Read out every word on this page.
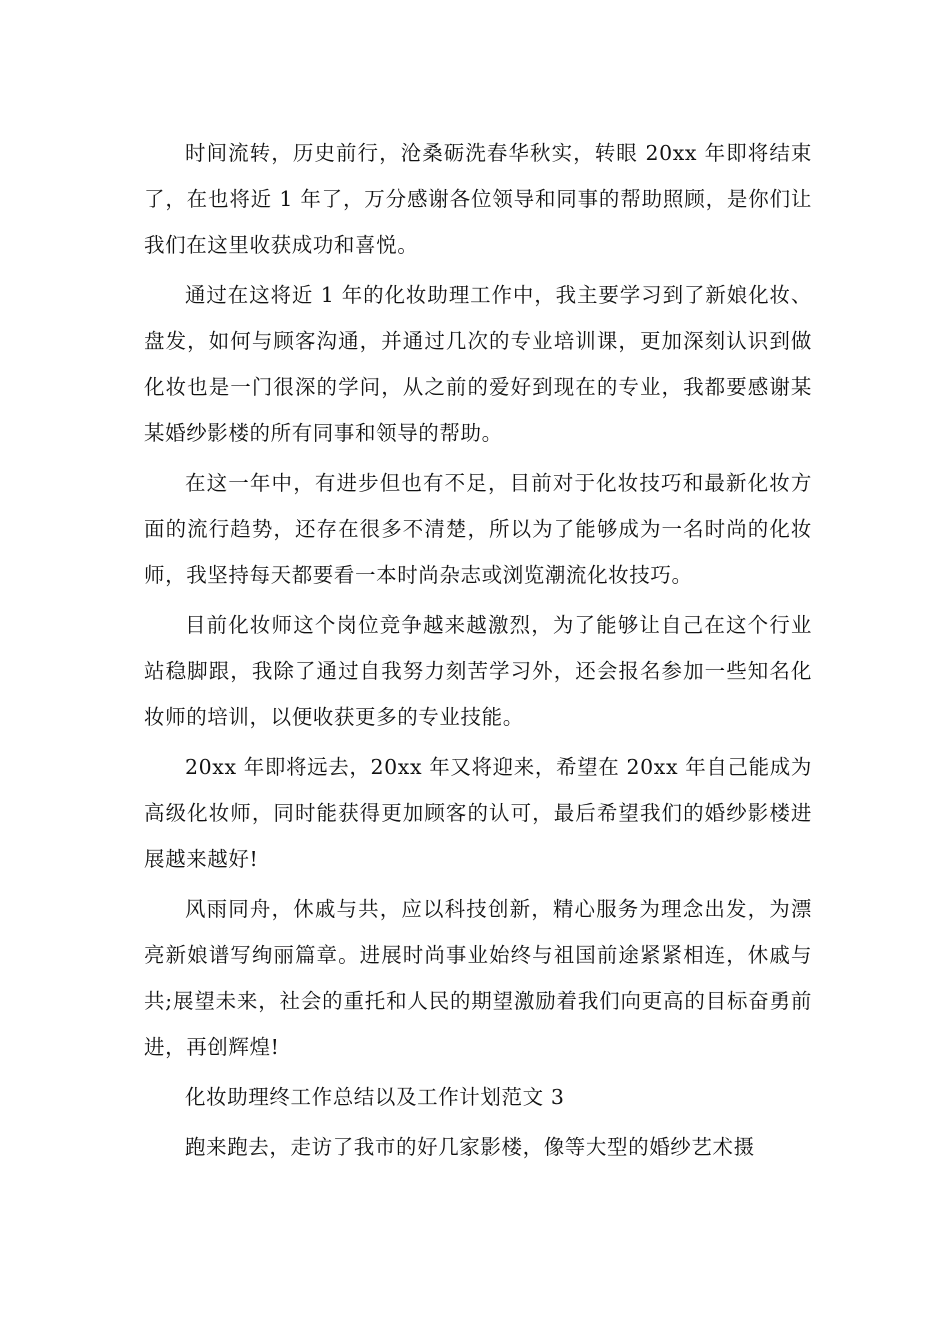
时间流转，历史前行，沧桑砺洗春华秋实，转眼 20xx 年即将结束了，在也将近 1 年了，万分感谢各位领导和同事的帮助照顾，是你们让我们在这里收获成功和喜悦。

通过在这将近 1 年的化妆助理工作中，我主要学习到了新娘化妆、盘发，如何与顾客沟通，并通过几次的专业培训课，更加深刻认识到做化妆也是一门很深的学问，从之前的爱好到现在的专业，我都要感谢某某婚纱影楼的所有同事和领导的帮助。

在这一年中，有进步但也有不足，目前对于化妆技巧和最新化妆方面的流行趋势，还存在很多不清楚，所以为了能够成为一名时尚的化妆师，我坚持每天都要看一本时尚杂志或浏览潮流化妆技巧。

目前化妆师这个岗位竞争越来越激烈，为了能够让自己在这个行业站稳脚跟，我除了通过自我努力刻苦学习外，还会报名参加一些知名化妆师的培训，以便收获更多的专业技能。

20xx 年即将远去，20xx 年又将迎来，希望在 20xx 年自己能成为高级化妆师，同时能获得更加顾客的认可，最后希望我们的婚纱影楼进展越来越好!

风雨同舟，休戚与共，应以科技创新，精心服务为理念出发，为漂亮新娘谱写绚丽篇章。进展时尚事业始终与祖国前途紧紧相连，休戚与共;展望未来，社会的重托和人民的期望激励着我们向更高的目标奋勇前进，再创辉煌!

化妆助理终工作总结以及工作计划范文 3

跑来跑去，走访了我市的好几家影楼，像等大型的婚纱艺术摄
